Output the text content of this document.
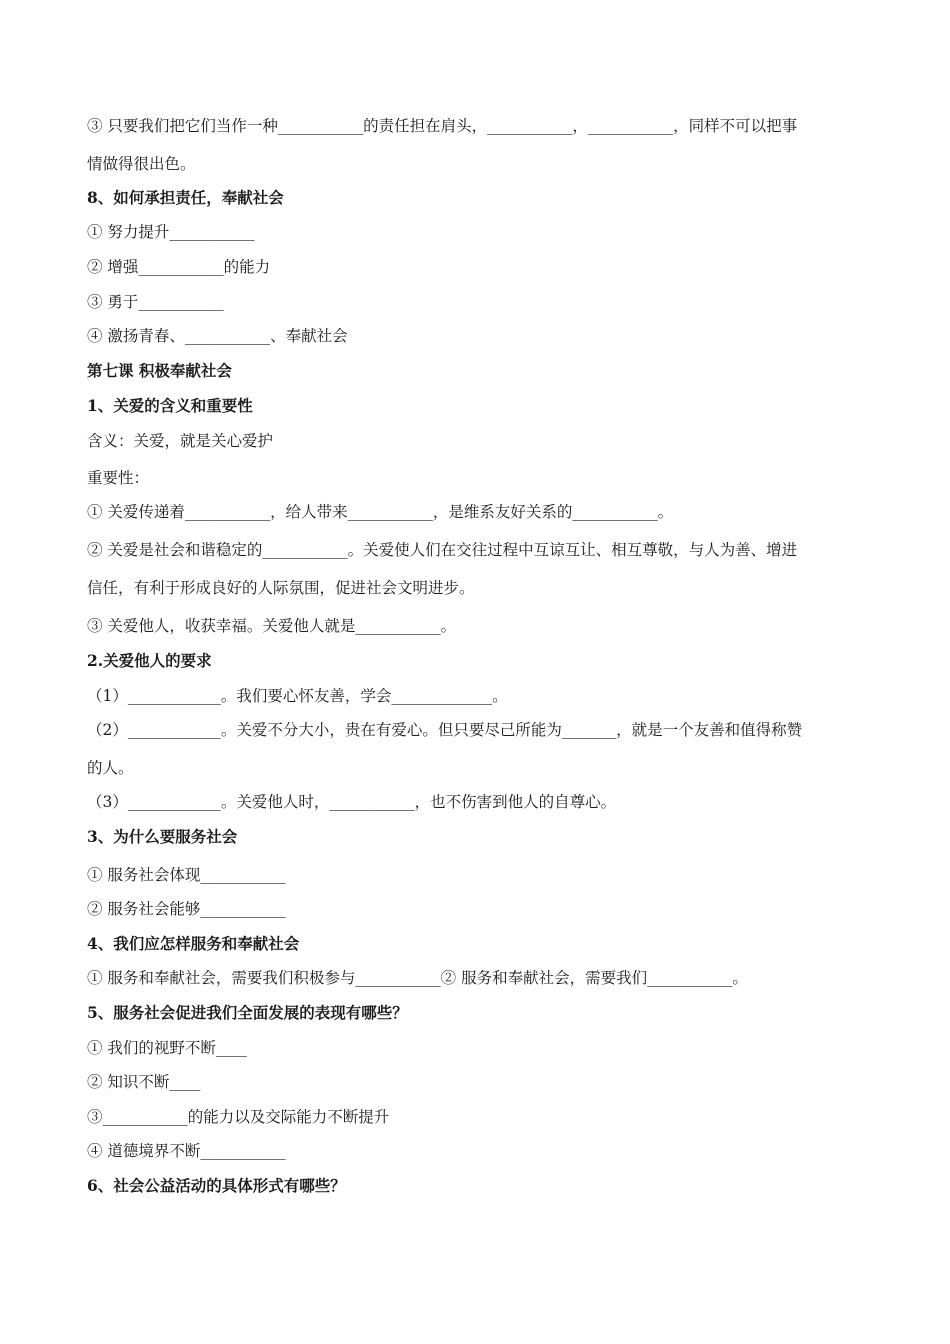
③ 只要我们把它们当作一种___________的责任担在肩头，___________，___________，同样不可以把事
情做得很出色。
8、如何承担责任，奉献社会
① 努力提升___________
② 增强___________的能力
③ 勇于___________
④ 激扬青春、___________、奉献社会
第七课 积极奉献社会
1、关爱的含义和重要性
含义：关爱，就是关心爱护
重要性：
① 关爱传递着___________，给人带来___________，是维系友好关系的___________。
② 关爱是社会和谐稳定的___________。关爱使人们在交往过程中互谅互让、相互尊敬，与人为善、增进
信任，有利于形成良好的人际氛围，促进社会文明进步。
③ 关爱他人，收获幸福。关爱他人就是___________。
2.关爱他人的要求
（1）____________。我们要心怀友善，学会_____________。
（2）____________。关爱不分大小，贵在有爱心。但只要尽己所能为_______，就是一个友善和值得称赞
的人。
（3）____________。关爱他人时，___________，也不伤害到他人的自尊心。
3、为什么要服务社会
① 服务社会体现___________
② 服务社会能够___________
4、我们应怎样服务和奉献社会
① 服务和奉献社会，需要我们积极参与___________② 服务和奉献社会，需要我们___________。
5、服务社会促进我们全面发展的表现有哪些？
① 我们的视野不断____
② 知识不断____
③___________的能力以及交际能力不断提升
④ 道德境界不断___________
6、社会公益活动的具体形式有哪些？
